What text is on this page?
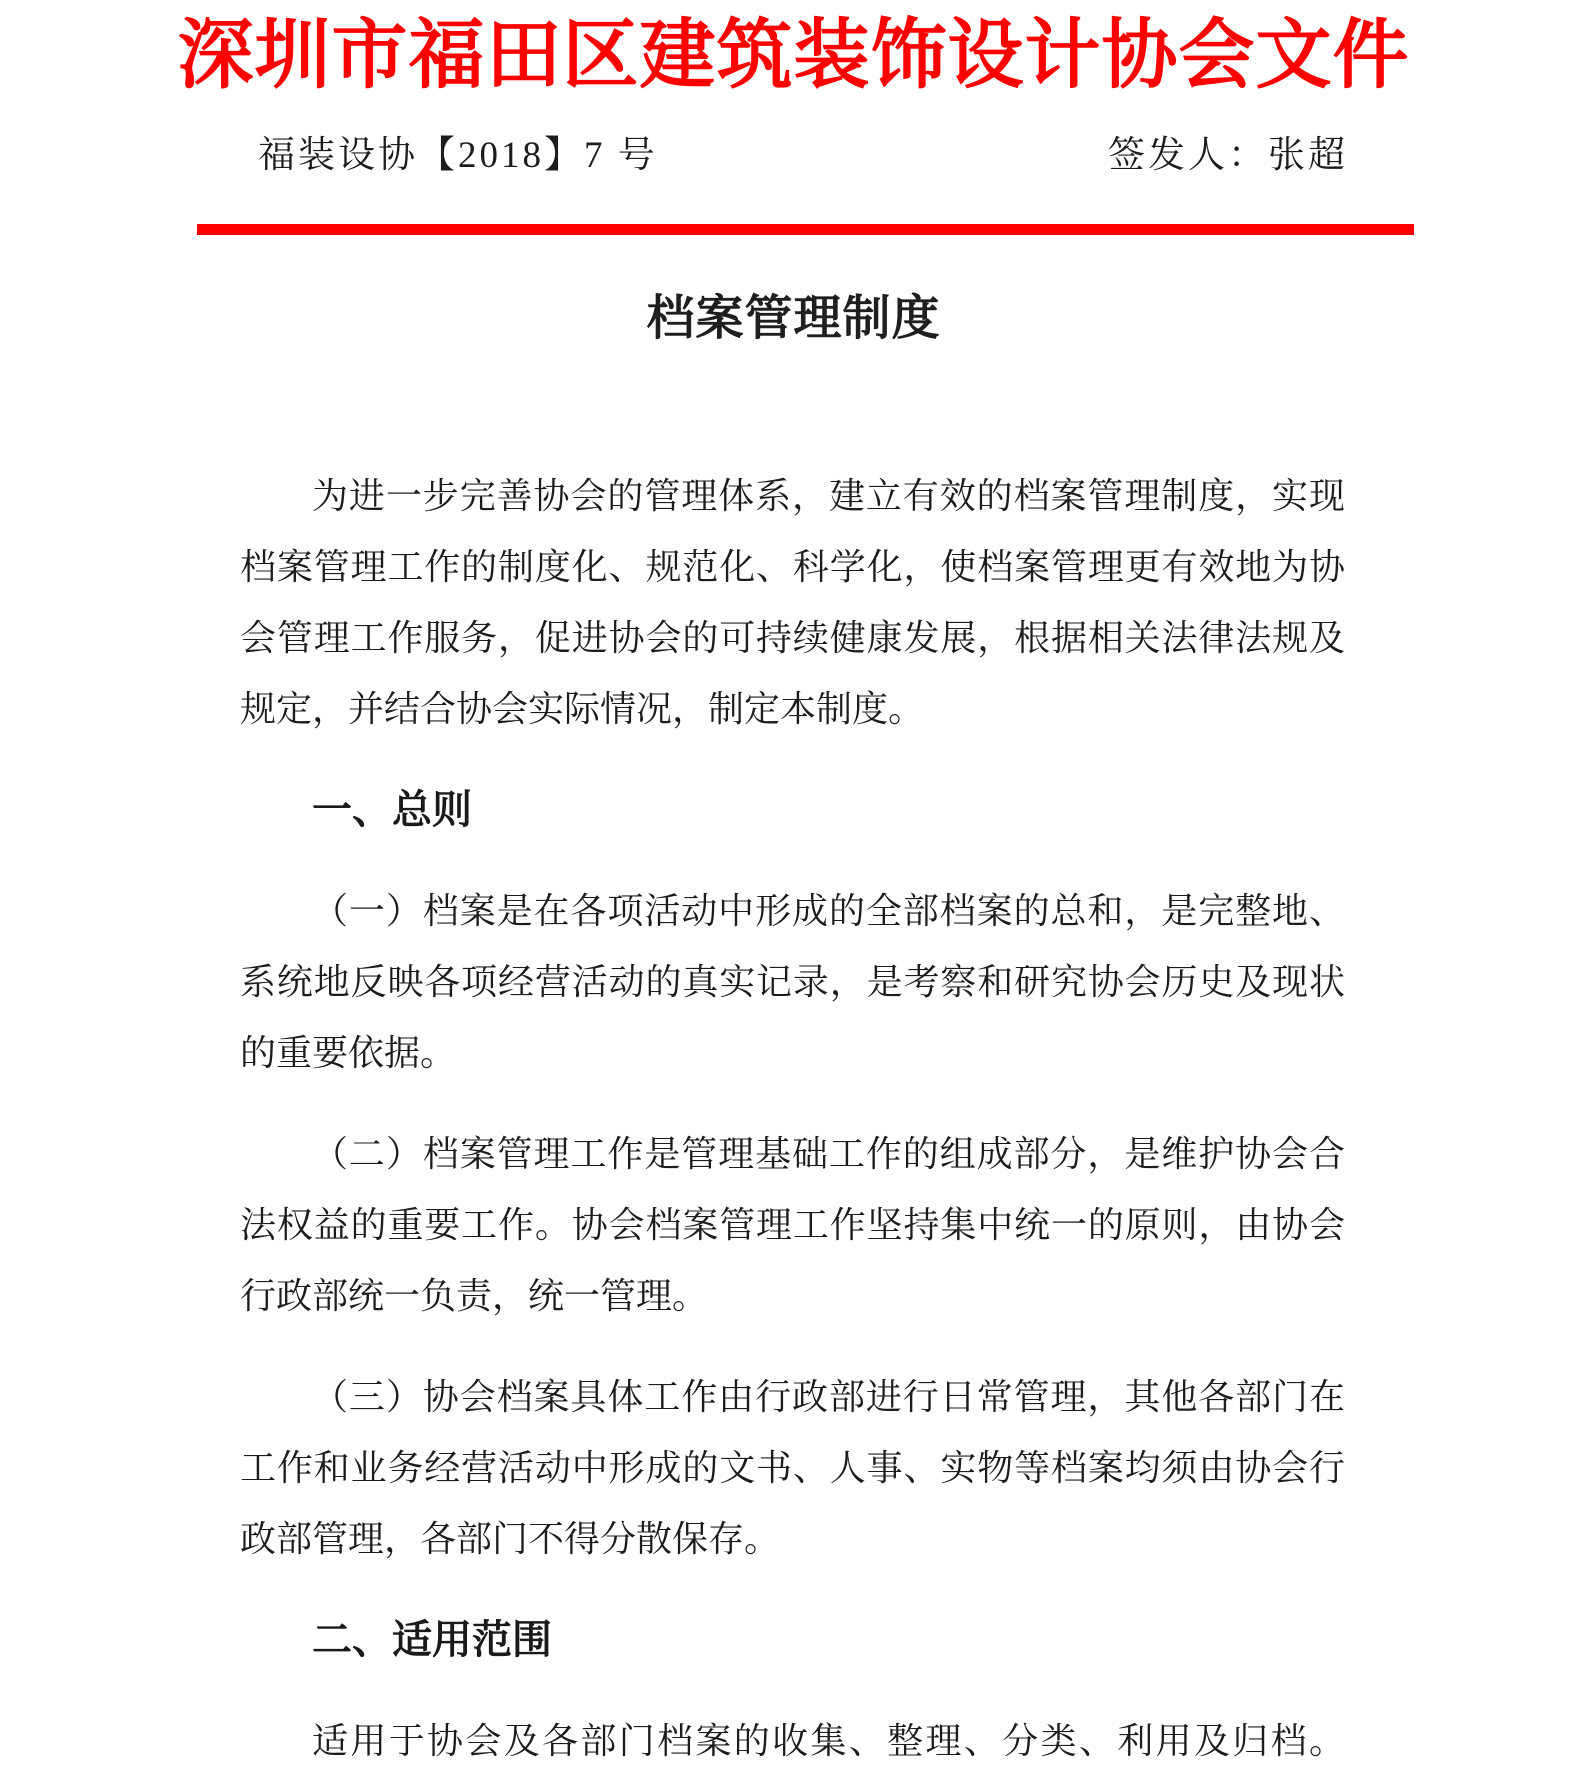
深圳市福田区建筑装饰设计协会文件
福装设协【2018】7 号	签发人：张超
档案管理制度
为进一步完善协会的管理体系，建立有效的档案管理制度，实现
档案管理工作的制度化、规范化、科学化，使档案管理更有效地为协
会管理工作服务，促进协会的可持续健康发展，根据相关法律法规及
规定，并结合协会实际情况，制定本制度。
一、总则
（一）档案是在各项活动中形成的全部档案的总和，是完整地、
系统地反映各项经营活动的真实记录，是考察和研究协会历史及现状
的重要依据。
（二）档案管理工作是管理基础工作的组成部分，是维护协会合
法权益的重要工作。协会档案管理工作坚持集中统一的原则，由协会
行政部统一负责，统一管理。
（三）协会档案具体工作由行政部进行日常管理，其他各部门在
工作和业务经营活动中形成的文书、人事、实物等档案均须由协会行
政部管理，各部门不得分散保存。
二、适用范围
适用于协会及各部门档案的收集、整理、分类、利用及归档。
